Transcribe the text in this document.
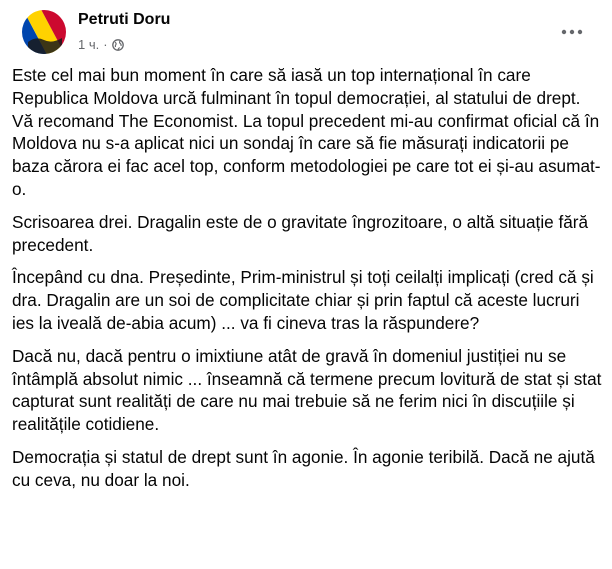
Petruti Doru
1 ч. ·

Este cel mai bun moment în care să iasă un top internațional în care Republica Moldova urcă fulminant în topul democrației, al statului de drept. Vă recomand The Economist. La topul precedent mi-au confirmat oficial că în Moldova nu s-a aplicat nici un sondaj în care să fie măsurați indicatorii pe baza cărora ei fac acel top, conform metodologiei pe care tot ei și-au asumat-o.

Scrisoarea drei. Dragalin este de o gravitate îngrozitoare, o altă situație fără precedent.

Începând cu dna. Președinte, Prim-ministrul și toți ceilalți implicați (cred că și dra. Dragalin are un soi de complicitate chiar și prin faptul că aceste lucruri ies la iveală de-abia acum) ... va fi cineva tras la răspundere?

Dacă nu, dacă pentru o imixtiune atât de gravă în domeniul justiției nu se întâmplă absolut nimic ... înseamnă că termene precum lovitură de stat și stat capturat sunt realități de care nu mai trebuie să ne ferim nici în discuțiile și realitățile cotidiene.

Democrația și statul de drept sunt în agonie. În agonie teribilă. Dacă ne ajută cu ceva, nu doar la noi.
